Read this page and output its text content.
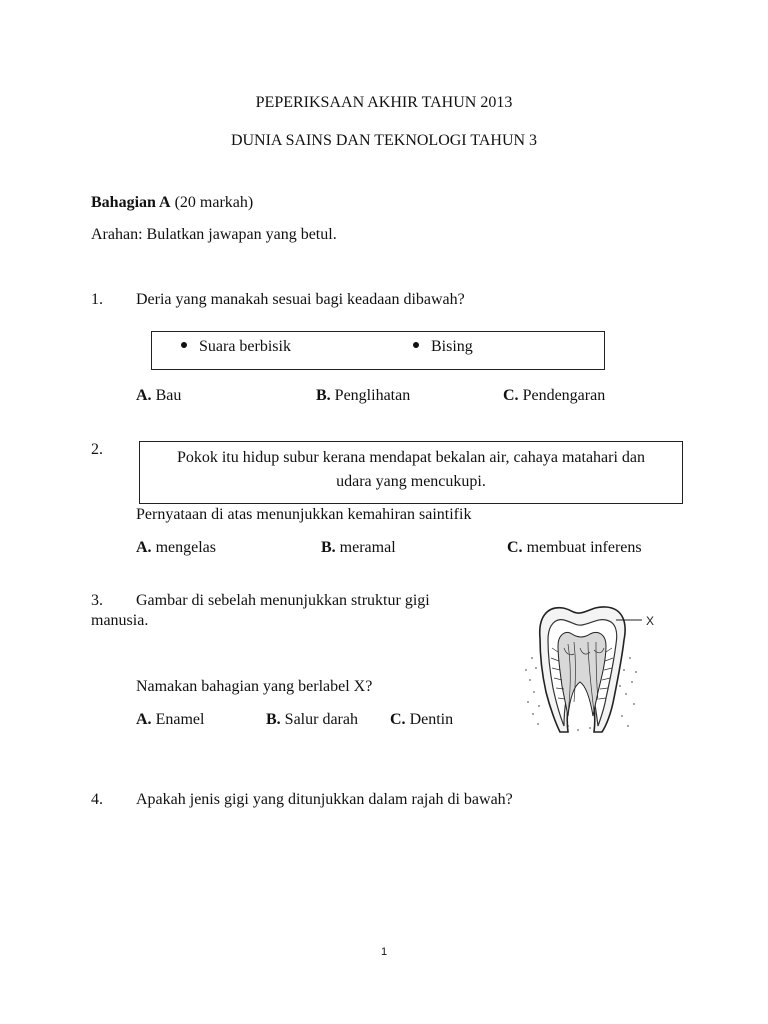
PEPERIKSAAN AKHIR TAHUN 2013
DUNIA SAINS DAN TEKNOLOGI TAHUN 3
Bahagian A (20 markah)
Arahan: Bulatkan jawapan yang betul.
1. Deria yang manakah sesuai bagi keadaan dibawah?
Suara berbisik	Bising
A. Bau	B. Penglihatan	C. Pendengaran
2.	Pokok itu hidup subur kerana mendapat bekalan air, cahaya matahari dan
udara yang mencukupi.
Pernyataan di atas menunjukkan kemahiran saintifik
A. mengelas	B. meramal	C. membuat inferens
3. Gambar di sebelah menunjukkan struktur gigi
manusia.
Namakan bahagian yang berlabel X?
A. Enamel	B. Salur darah C. Dentin
X
4. Apakah jenis gigi yang ditunjukkan dalam rajah di bawah?
1
